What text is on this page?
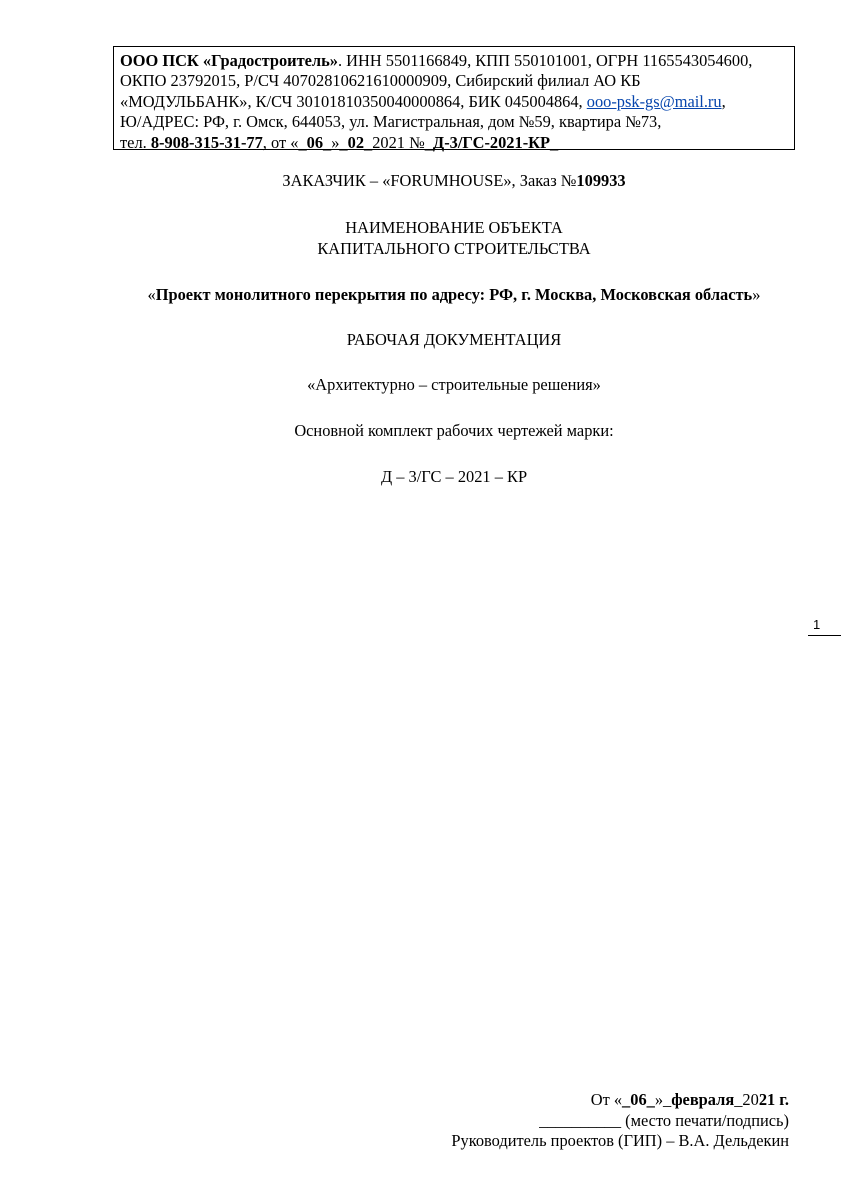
ООО ПСК «Градостроитель». ИНН 5501166849, КПП 550101001, ОГРН 1165543054600,
ОКПО 23792015, Р/СЧ 40702810621610000909, Сибирский филиал АО КБ
«МОДУЛЬБАНК», К/СЧ 30101810350040000864, БИК 045004864, ooo-psk-gs@mail.ru,
Ю/АДРЕС: РФ, г. Омск, 644053, ул. Магистральная, дом №59, квартира №73,
тел. 8-908-315-31-77, от «_06_»_02_2021 №_Д-3/ГС-2021-КР_
ЗАКАЗЧИК – «FORUMHOUSE», Заказ №109933
НАИМЕНОВАНИЕ ОБЪЕКТА
КАПИТАЛЬНОГО СТРОИТЕЛЬСТВА
«Проект монолитного перекрытия по адресу: РФ, г. Москва, Московская область»
РАБОЧАЯ ДОКУМЕНТАЦИЯ
«Архитектурно – строительные решения»
Основной комплект рабочих чертежей марки:
Д – 3/ГС – 2021 – КР
1
От «_06_»_февраля_2021 г.
__________ (место печати/подпись)
Руководитель проектов (ГИП) – В.А. Дельдекин
